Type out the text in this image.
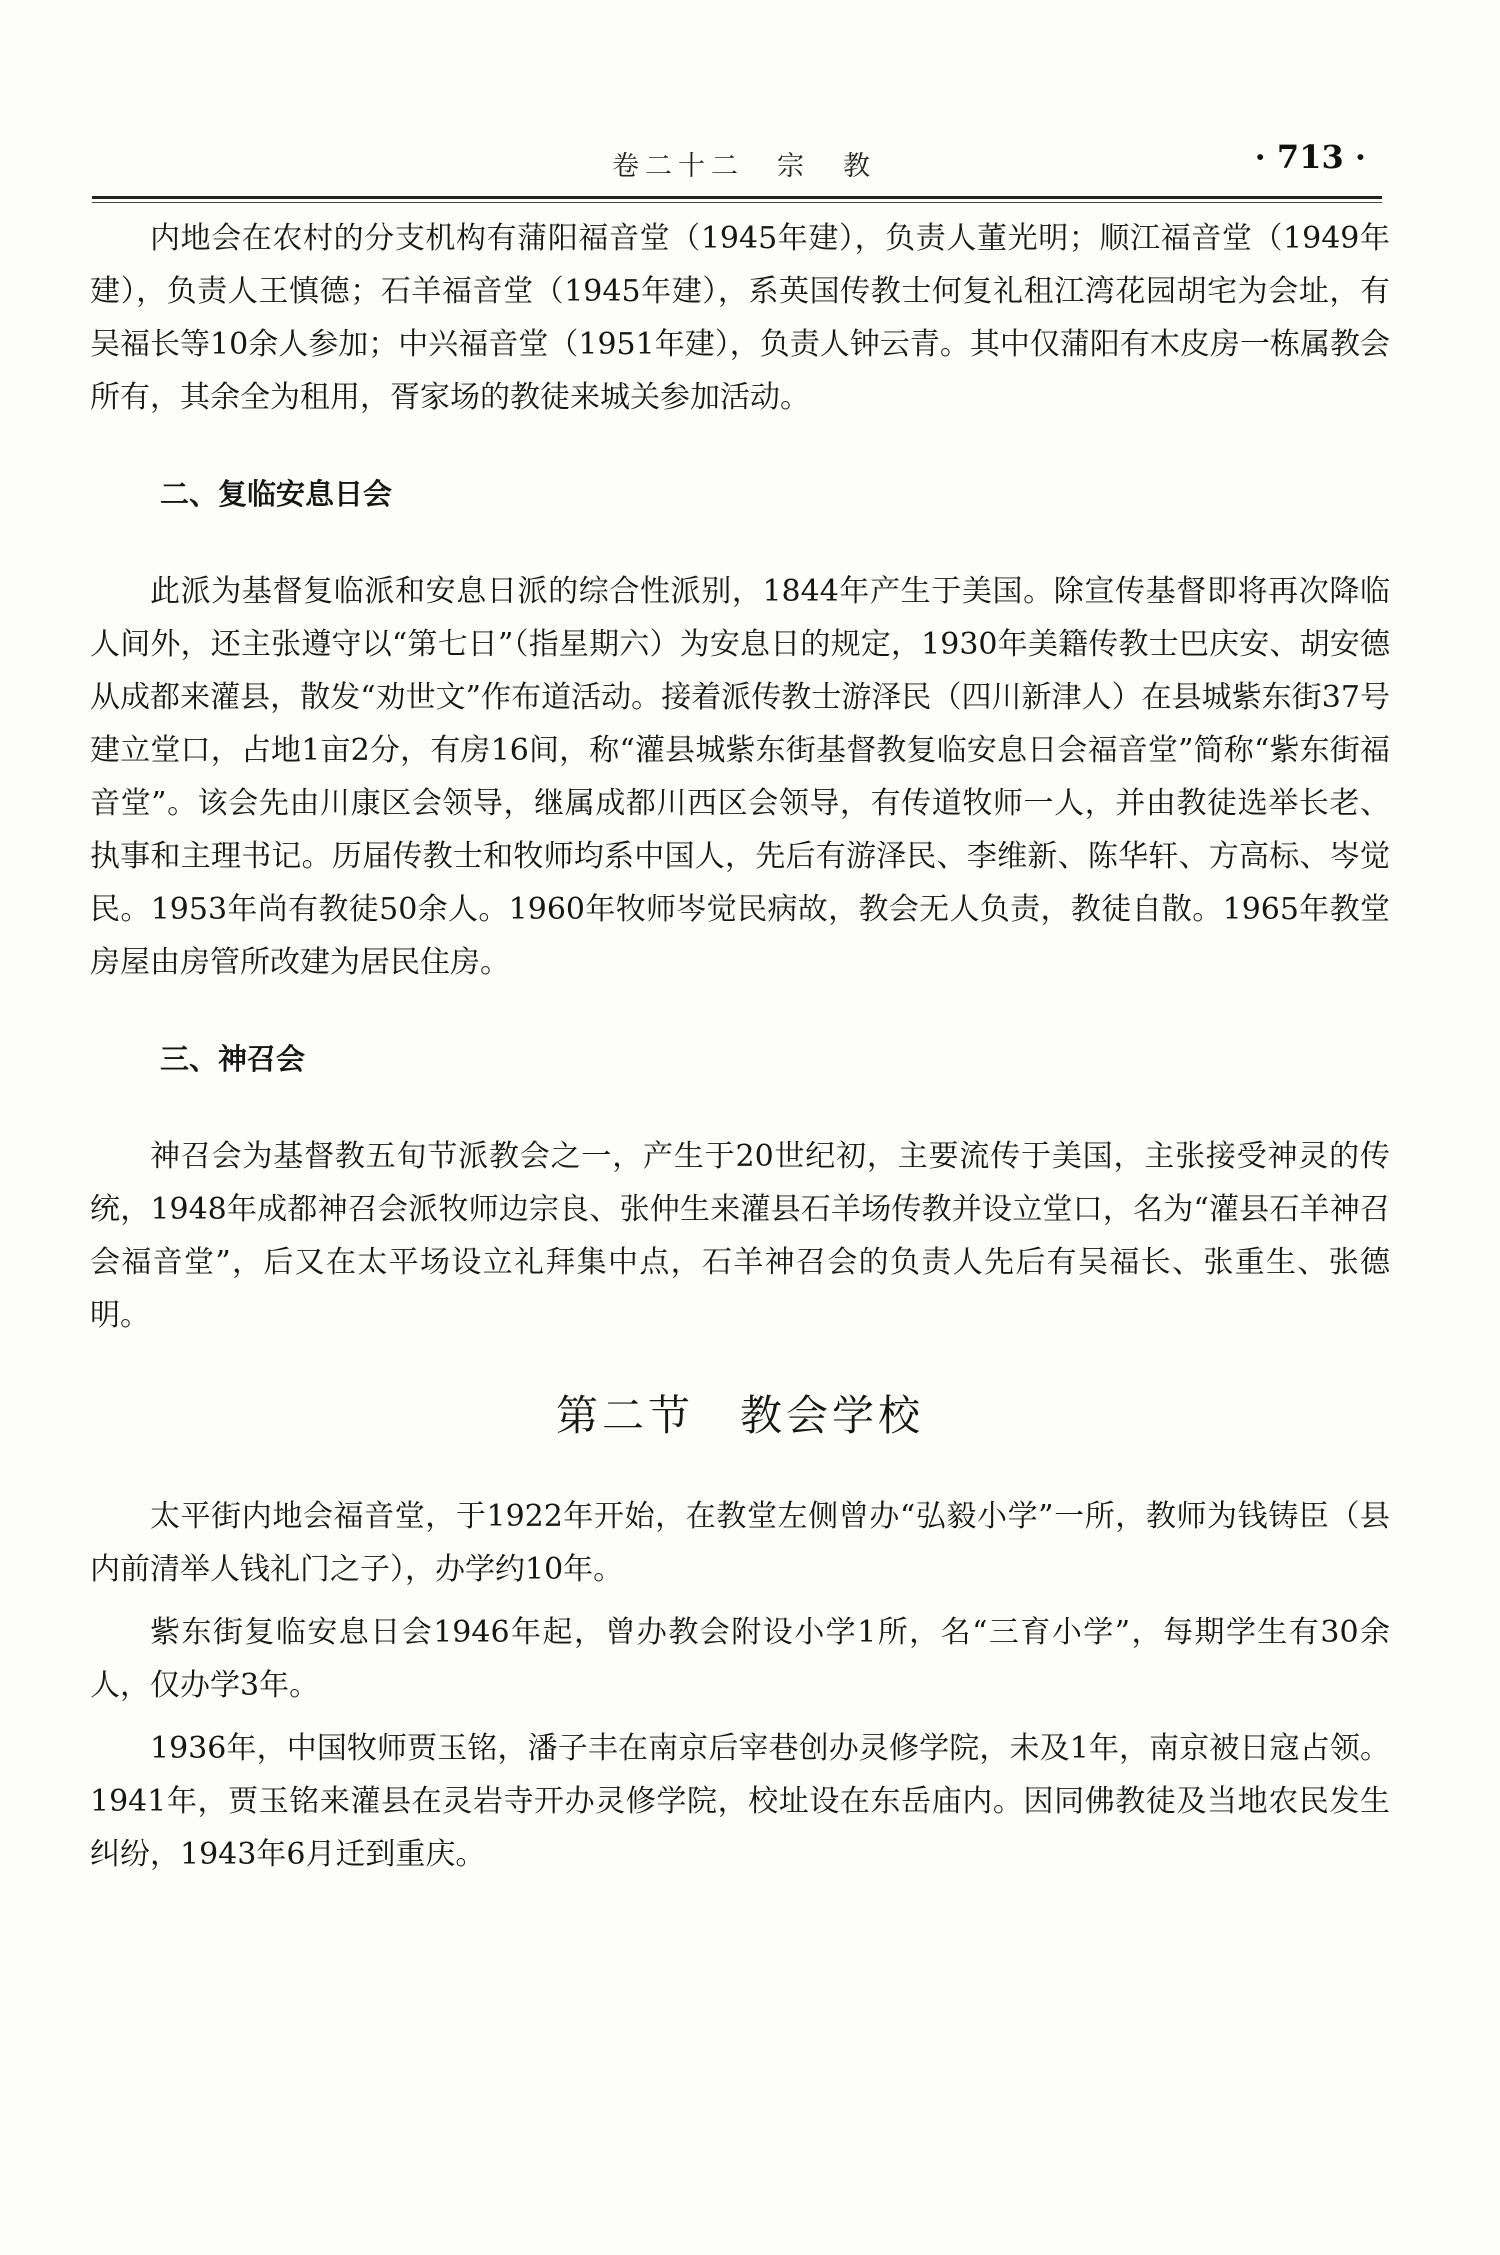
卷二十二　宗　教	· 713 ·

内地会在农村的分支机构有蒲阳福音堂（1945年建），负责人董光明；顺江福音堂（1949年建），负责人王慎德；石羊福音堂（1945年建），系英国传教士何复礼租江湾花园胡宅为会址，有吴福长等10余人参加；中兴福音堂（1951年建），负责人钟云青。其中仅蒲阳有木皮房一栋属教会所有，其余全为租用，胥家场的教徒来城关参加活动。

二、复临安息日会

此派为基督复临派和安息日派的综合性派别，1844年产生于美国。除宣传基督即将再次降临人间外，还主张遵守以“第七日”（指星期六）为安息日的规定，1930年美籍传教士巴庆安、胡安德从成都来灌县，散发“劝世文”作布道活动。接着派传教士游泽民（四川新津人）在县城紫东街37号建立堂口，占地1亩2分，有房16间，称“灌县城紫东街基督教复临安息日会福音堂”简称“紫东街福音堂”。该会先由川康区会领导，继属成都川西区会领导，有传道牧师一人，并由教徒选举长老、执事和主理书记。历届传教士和牧师均系中国人，先后有游泽民、李维新、陈华轩、方高标、岑觉民。1953年尚有教徒50余人。1960年牧师岑觉民病故，教会无人负责，教徒自散。1965年教堂房屋由房管所改建为居民住房。

三、神召会

神召会为基督教五旬节派教会之一，产生于20世纪初，主要流传于美国，主张接受神灵的传统，1948年成都神召会派牧师边宗良、张仲生来灌县石羊场传教并设立堂口，名为“灌县石羊神召会福音堂”，后又在太平场设立礼拜集中点，石羊神召会的负责人先后有吴福长、张重生、张德明。

第二节　教会学校

太平街内地会福音堂，于1922年开始，在教堂左侧曾办“弘毅小学”一所，教师为钱铸臣（县内前清举人钱礼门之子），办学约10年。

紫东街复临安息日会1946年起，曾办教会附设小学1所，名“三育小学”，每期学生有30余人，仅办学3年。

1936年，中国牧师贾玉铭，潘子丰在南京后宰巷创办灵修学院，未及1年，南京被日寇占领。1941年，贾玉铭来灌县在灵岩寺开办灵修学院，校址设在东岳庙内。因同佛教徒及当地农民发生纠纷，1943年6月迁到重庆。
